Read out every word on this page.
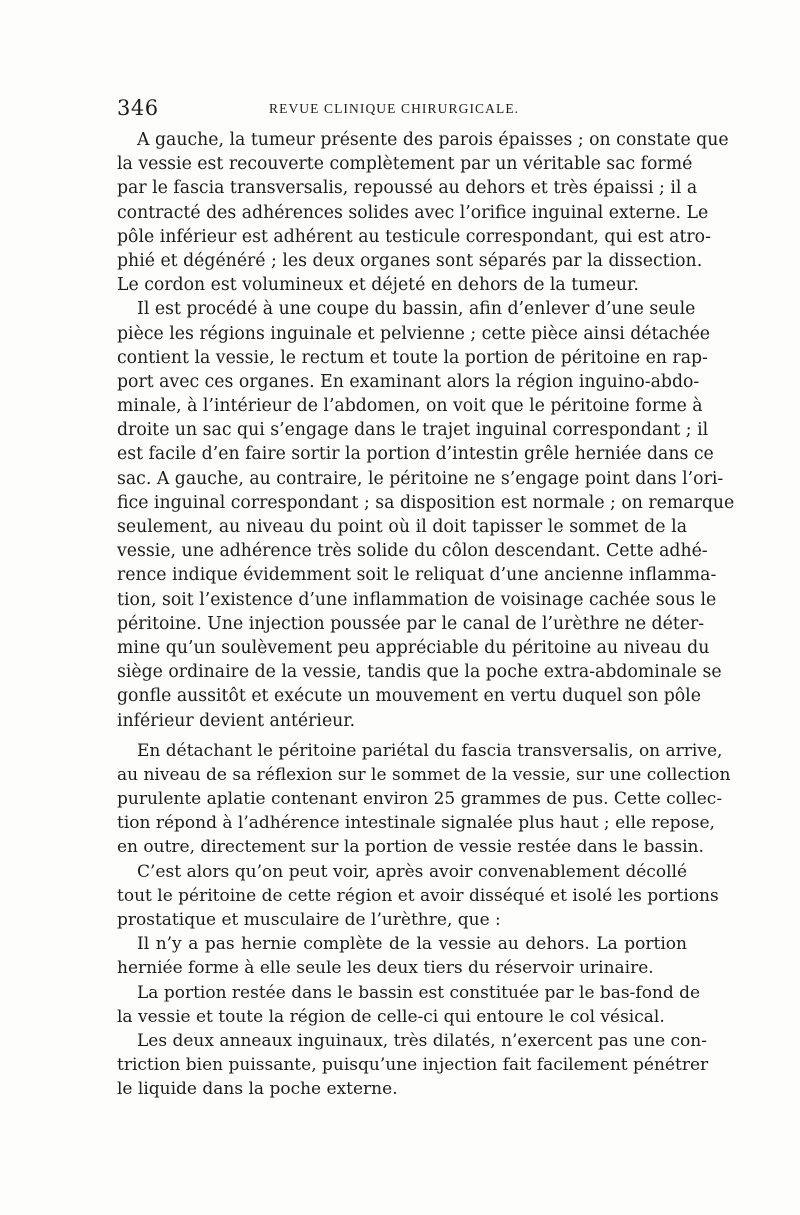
346	REVUE CLINIQUE CHIRURGICALE.
A gauche, la tumeur présente des parois épaisses ; on constate que
la vessie est recouverte complètement par un véritable sac formé
par le fascia transversalis, repoussé au dehors et très épaissi ; il a
contracté des adhérences solides avec l’orifice inguinal externe. Le
pôle inférieur est adhérent au testicule correspondant, qui est atro-
phié et dégénéré ; les deux organes sont séparés par la dissection.
Le cordon est volumineux et déjeté en dehors de la tumeur.
Il est procédé à une coupe du bassin, afin d’enlever d’une seule
pièce les régions inguinale et pelvienne ; cette pièce ainsi détachée
contient la vessie, le rectum et toute la portion de péritoine en rap-
port avec ces organes. En examinant alors la région inguino-abdo-
minale, à l’intérieur de l’abdomen, on voit que le péritoine forme à
droite un sac qui s’engage dans le trajet inguinal correspondant ; il
est facile d’en faire sortir la portion d’intestin grêle herniée dans ce
sac. A gauche, au contraire, le péritoine ne s’engage point dans l’ori-
fice inguinal correspondant ; sa disposition est normale ; on remarque
seulement, au niveau du point où il doit tapisser le sommet de la
vessie, une adhérence très solide du côlon descendant. Cette adhé-
rence indique évidemment soit le reliquat d’une ancienne inflamma-
tion, soit l’existence d’une inflammation de voisinage cachée sous le
péritoine. Une injection poussée par le canal de l’urèthre ne déter-
mine qu’un soulèvement peu appréciable du péritoine au niveau du
siège ordinaire de la vessie, tandis que la poche extra-abdominale se
gonfle aussitôt et exécute un mouvement en vertu duquel son pôle
inférieur devient antérieur.
En détachant le péritoine pariétal du fascia transversalis, on arrive,
au niveau de sa réflexion sur le sommet de la vessie, sur une collection
purulente aplatie contenant environ 25 grammes de pus. Cette collec-
tion répond à l’adhérence intestinale signalée plus haut ; elle repose,
en outre, directement sur la portion de vessie restée dans le bassin.
C’est alors qu’on peut voir, après avoir convenablement décollé
tout le péritoine de cette région et avoir disséqué et isolé les portions
prostatique et musculaire de l’urèthre, que :
Il n’y a pas hernie complète de la vessie au dehors. La portion
herniée forme à elle seule les deux tiers du réservoir urinaire.
La portion restée dans le bassin est constituée par le bas-fond de
la vessie et toute la région de celle-ci qui entoure le col vésical.
Les deux anneaux inguinaux, très dilatés, n’exercent pas une con-
triction bien puissante, puisqu’une injection fait facilement pénétrer
le liquide dans la poche externe.
